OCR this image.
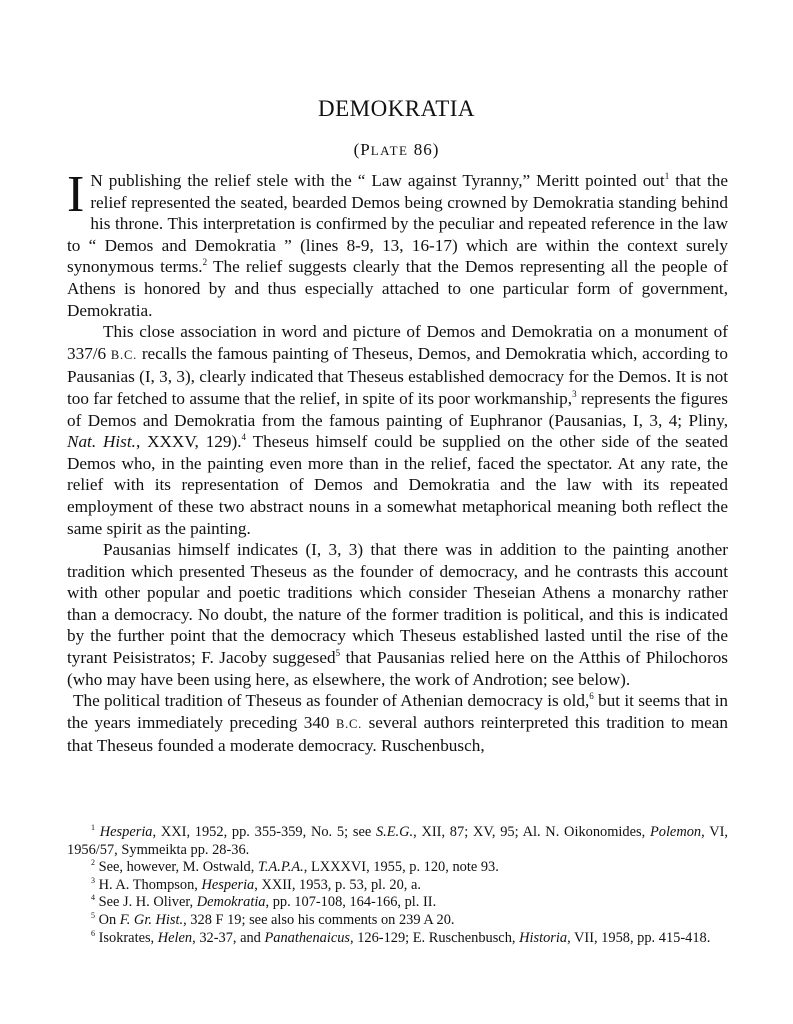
DEMOKRATIA
(PLATE 86)

I N publishing the relief stele with the “ Law against Tyranny,” Meritt pointed out$^1$ that the relief represented the seated, bearded Demos being crowned by Demokratia standing behind his throne. This interpretation is confirmed by the peculiar and repeated reference in the law to “ Demos and Demokratia ” (lines 8-9, 13, 16-17) which are within the context surely synonymous terms.$^2$ The relief suggests clearly that the Demos representing all the people of Athens is honored by and thus especially attached to one particular form of government, Demokratia.

This close association in word and picture of Demos and Demokratia on a monument of 337/6 B.C. recalls the famous painting of Theseus, Demos, and Demokratia which, according to Pausanias (I, 3, 3), clearly indicated that Theseus established democracy for the Demos. It is not too far fetched to assume that the relief, in spite of its poor workmanship,$^3$ represents the figures of Demos and Demokratia from the famous painting of Euphranor (Pausanias, I, 3, 4; Pliny, Nat. Hist., XXXV, 129).$^4$ Theseus himself could be supplied on the other side of the seated Demos who, in the painting even more than in the relief, faced the spectator. At any rate, the relief with its representation of Demos and Demokratia and the law with its repeated employment of these two abstract nouns in a somewhat metaphorical meaning both reflect the same spirit as the painting.

Pausanias himself indicates (I, 3, 3) that there was in addition to the painting another tradition which presented Theseus as the founder of democracy, and he contrasts this account with other popular and poetic traditions which consider Theseian Athens a monarchy rather than a democracy. No doubt, the nature of the former tradition is political, and this is indicated by the further point that the democracy which Theseus established lasted until the rise of the tyrant Peisistratos; F. Jacoby suggesed$^5$ that Pausanias relied here on the Atthis of Philochoros (who may have been using here, as elsewhere, the work of Androtion; see below).

The political tradition of Theseus as founder of Athenian democracy is old,$^6$ but it seems that in the years immediately preceding 340 B.C. several authors reinterpreted this tradition to mean that Theseus founded a moderate democracy. Ruschenbusch,

$^1$ Hesperia, XXI, 1952, pp. 355-359, No. 5; see S.E.G., XII, 87; XV, 95; Al. N. Oikonomides, Polemon, VI, 1956/57, Symmeikta pp. 28-36.

$^2$ See, however, M. Ostwald, T.A.P.A., LXXXVI, 1955, p. 120, note 93.

$^3$ H. A. Thompson, Hesperia, XXII, 1953, p. 53, pl. 20, a.

$^4$ See J. H. Oliver, Demokratia, pp. 107-108, 164-166, pl. II.

$^5$ On F. Gr. Hist., 328 F 19; see also his comments on 239 A 20.

$^6$ Isokrates, Helen, 32-37, and Panathenaicus, 126-129; E. Ruschenbusch, Historia, VII, 1958, pp. 415-418.
